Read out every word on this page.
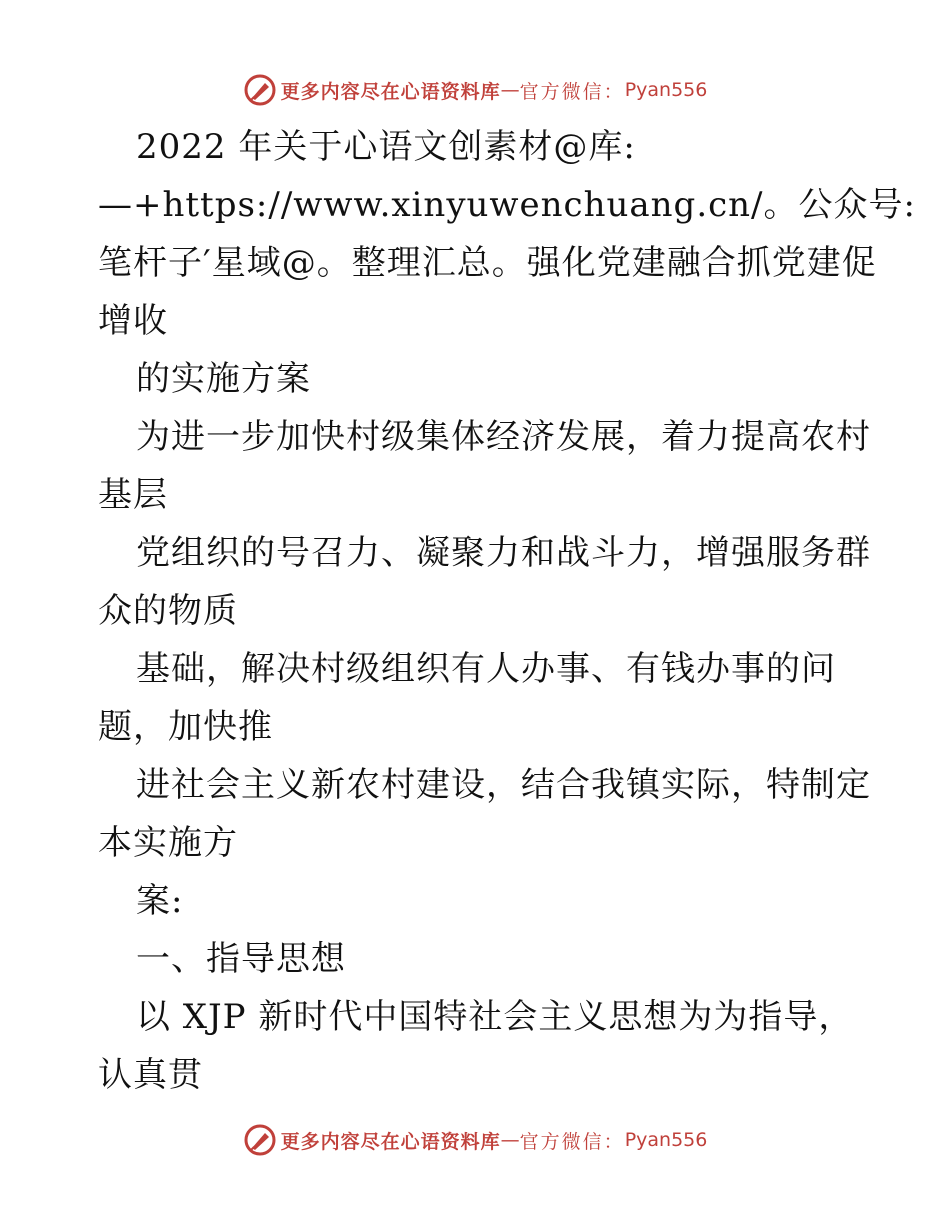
更多内容尽在心语资料库 — 官方微信： Pyan556
2022 年关于心语文创素材@库:
—+https://www.xinyuwenchuang.cn/。公众号:
笔杆子′星域@。整理汇总。强化党建融合抓党建促
增收
的实施方案
为进一步加快村级集体经济发展，着力提高农村
基层
党组织的号召力、凝聚力和战斗力，增强服务群
众的物质
基础，解决村级组织有人办事、有钱办事的问
题，加快推
进社会主义新农村建设，结合我镇实际，特制定
本实施方
案:
一、指导思想
以 XJP 新时代中国特社会主义思想为为指导，
认真贯
更多内容尽在心语资料库 — 官方微信： Pyan556
